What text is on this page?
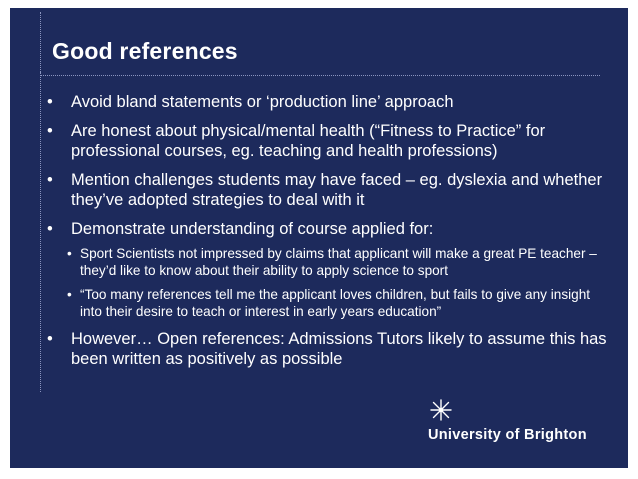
Good references
• Avoid bland statements or ‘production line’ approach
• Are honest about physical/mental health (“Fitness to Practice” for professional courses, eg. teaching and health professions)
• Mention challenges students may have faced – eg. dyslexia and whether they’ve adopted strategies to deal with it
• Demonstrate understanding of course applied for:
• Sport Scientists not impressed by claims that applicant will make a great PE teacher – they’d like to know about their ability to apply science to sport
• “Too many references tell me the applicant loves children, but fails to give any insight into their desire to teach or interest in early years education”
• However… Open references: Admissions Tutors likely to assume this has been written as positively as possible
University of Brighton
